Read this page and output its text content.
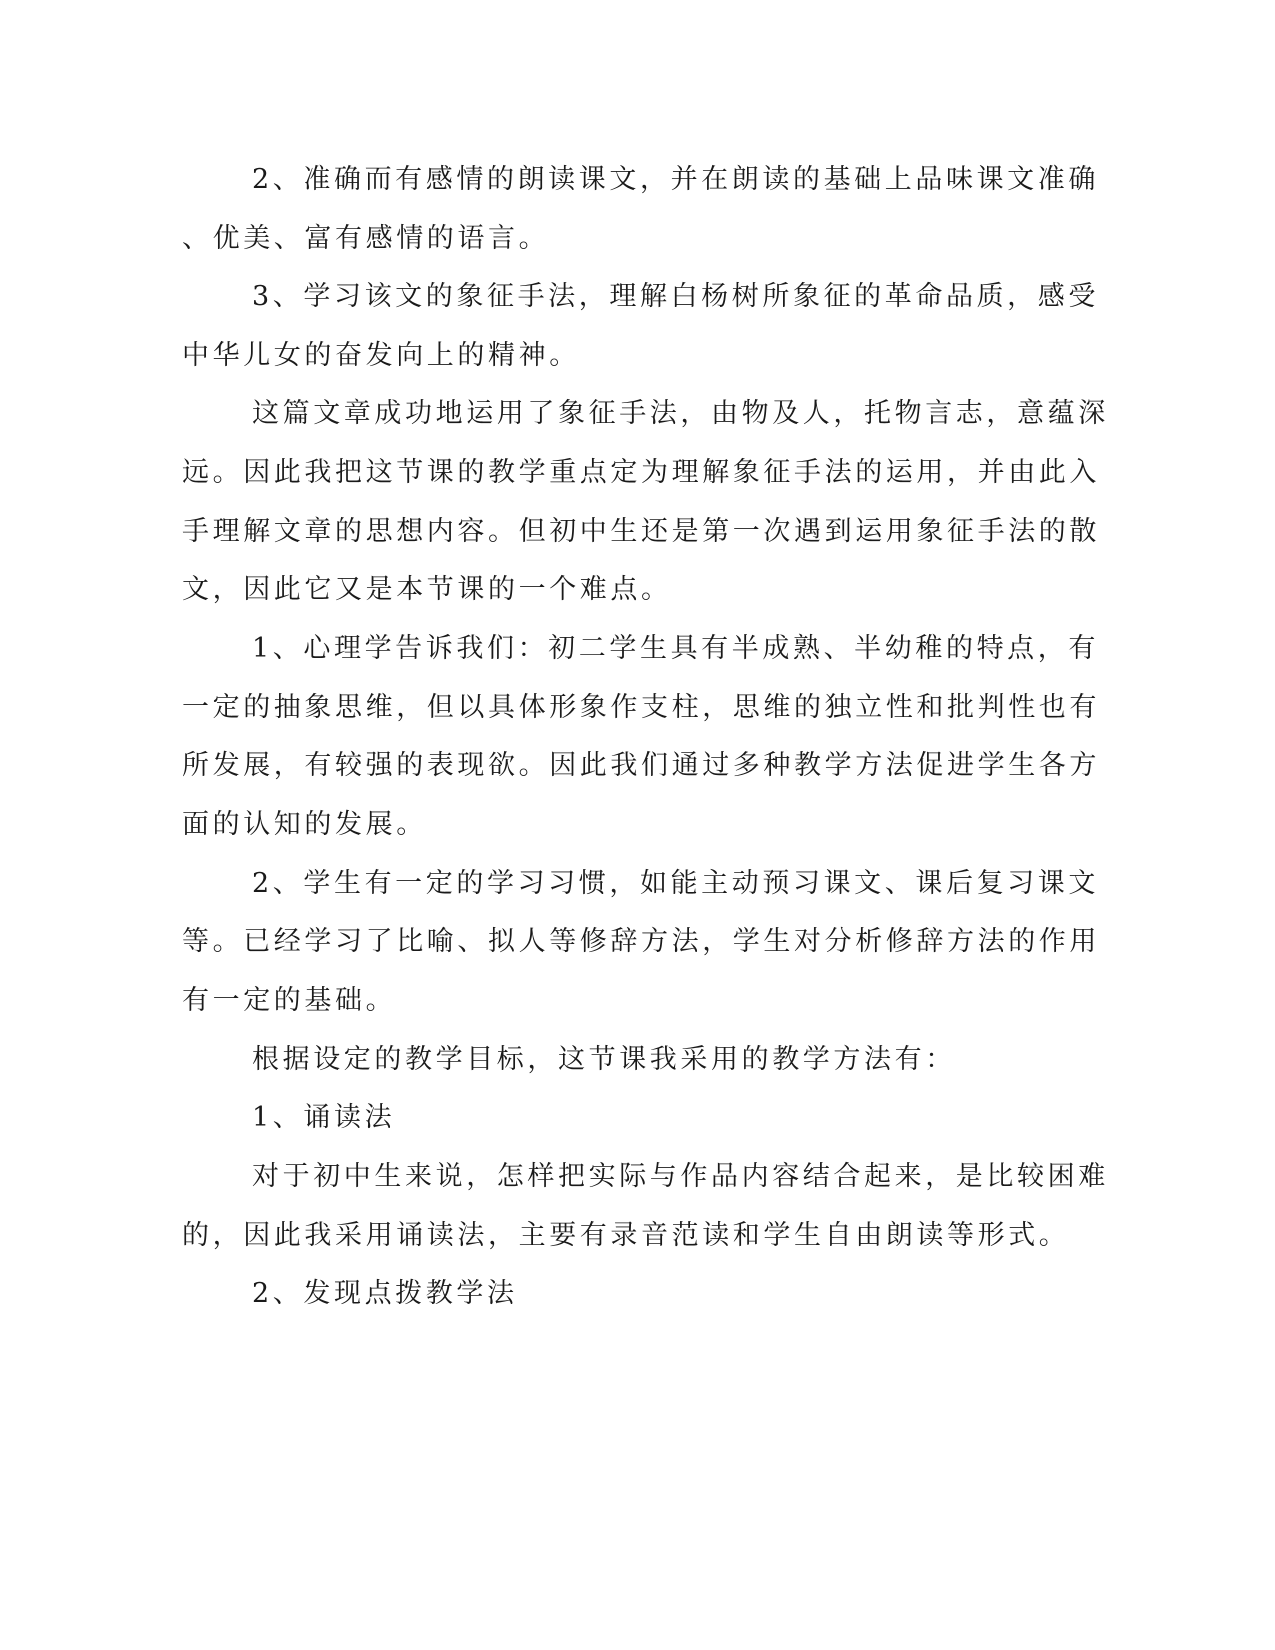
2、准确而有感情的朗读课文，并在朗读的基础上品味课文准确

、优美、富有感情的语言。

3、学习该文的象征手法，理解白杨树所象征的革命品质，感受

中华儿女的奋发向上的精神。

这篇文章成功地运用了象征手法，由物及人，托物言志，意蕴深

远。因此我把这节课的教学重点定为理解象征手法的运用，并由此入

手理解文章的思想内容。但初中生还是第一次遇到运用象征手法的散

文，因此它又是本节课的一个难点。

1、心理学告诉我们：初二学生具有半成熟、半幼稚的特点，有

一定的抽象思维，但以具体形象作支柱，思维的独立性和批判性也有

所发展，有较强的表现欲。因此我们通过多种教学方法促进学生各方

面的认知的发展。

2、学生有一定的学习习惯，如能主动预习课文、课后复习课文

等。已经学习了比喻、拟人等修辞方法，学生对分析修辞方法的作用

有一定的基础。

根据设定的教学目标，这节课我采用的教学方法有：

1、诵读法

对于初中生来说，怎样把实际与作品内容结合起来，是比较困难

的，因此我采用诵读法，主要有录音范读和学生自由朗读等形式。

2、发现点拨教学法
